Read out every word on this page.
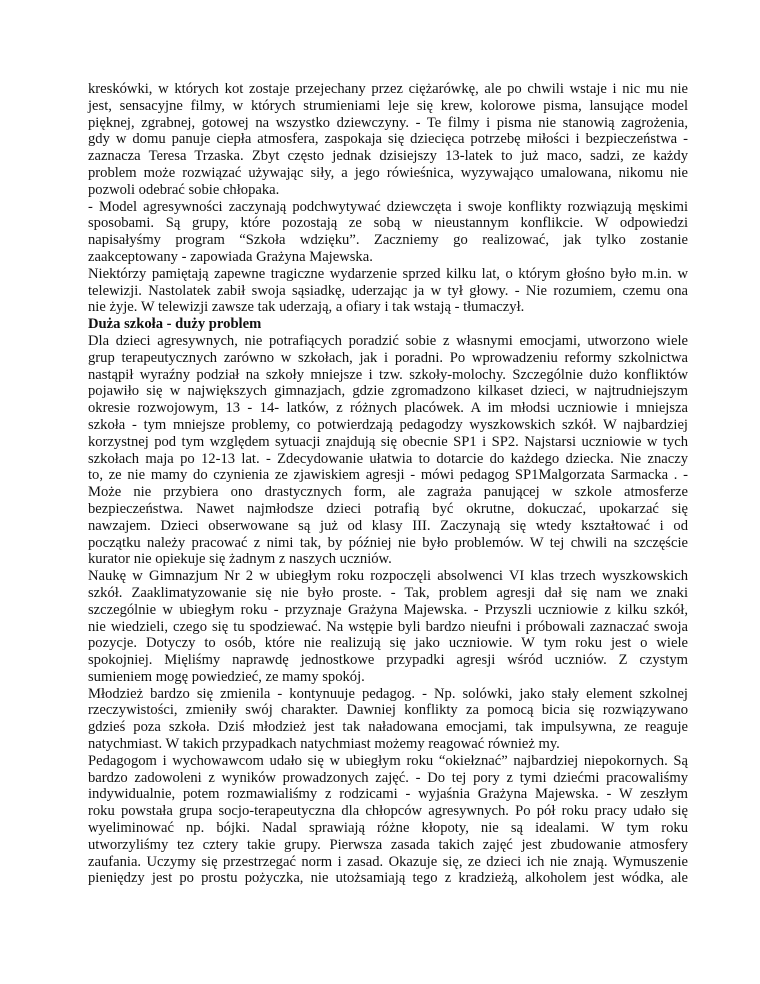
kreskówki, w których kot zostaje przejechany przez ciężarówkę, ale po chwili wstaje i nic mu nie
jest, sensacyjne filmy, w których strumieniami leje się krew, kolorowe pisma, lansujące model
pięknej, zgrabnej, gotowej na wszystko dziewczyny. - Te filmy i pisma nie stanowią zagrożenia,
gdy w domu panuje ciepła atmosfera, zaspokaja się dziecięca potrzebę miłości i bezpieczeństwa -
zaznacza Teresa Trzaska. Zbyt często jednak dzisiejszy 13-latek to już maco, sadzi, ze każdy
problem może rozwiązać używając siły, a jego rówieśnica, wyzywająco umalowana, nikomu nie
pozwoli odebrać sobie chłopaka.
- Model agresywności zaczynają podchwytywać dziewczęta i swoje konflikty rozwiązują męskimi
sposobami. Są grupy, które pozostają ze sobą w nieustannym konflikcie. W odpowiedzi
napisałyśmy program “Szkoła wdzięku”. Zaczniemy go realizować, jak tylko zostanie
zaakceptowany - zapowiada Grażyna Majewska.
Niektórzy pamiętają zapewne tragiczne wydarzenie sprzed kilku lat, o którym głośno było m.in. w
telewizji. Nastolatek zabił swoja sąsiadkę, uderzając ja w tył głowy. - Nie rozumiem, czemu ona
nie żyje. W telewizji zawsze tak uderzają, a ofiary i tak wstają - tłumaczył.
Duża szkoła - duży problem
Dla dzieci agresywnych, nie potrafiących poradzić sobie z własnymi emocjami, utworzono wiele
grup terapeutycznych zarówno w szkołach, jak i poradni. Po wprowadzeniu reformy szkolnictwa
nastąpił wyraźny podział na szkoły mniejsze i tzw. szkoły-molochy. Szczególnie dużo konfliktów
pojawiło się w największych gimnazjach, gdzie zgromadzono kilkaset dzieci, w najtrudniejszym
okresie rozwojowym, 13 - 14- latków, z różnych placówek. A im młodsi uczniowie i mniejsza
szkoła - tym mniejsze problemy, co potwierdzają pedagodzy wyszkowskich szkół. W najbardziej
korzystnej pod tym względem sytuacji znajdują się obecnie SP1 i SP2. Najstarsi uczniowie w tych
szkołach maja po 12-13 lat. - Zdecydowanie ułatwia to dotarcie do każdego dziecka. Nie znaczy
to, ze nie mamy do czynienia ze zjawiskiem agresji - mówi pedagog SP1Malgorzata Sarmacka . -
Może nie przybiera ono drastycznych form, ale zagraża panującej w szkole atmosferze
bezpieczeństwa. Nawet najmłodsze dzieci potrafią być okrutne, dokuczać, upokarzać się
nawzajem. Dzieci obserwowane są już od klasy III. Zaczynają się wtedy kształtować i od
początku należy pracować z nimi tak, by później nie było problemów. W tej chwili na szczęście
kurator nie opiekuje się żadnym z naszych uczniów.
Naukę w Gimnazjum Nr 2 w ubiegłym roku rozpoczęli absolwenci VI klas trzech wyszkowskich
szkół. Zaaklimatyzowanie się nie było proste. - Tak, problem agresji dał się nam we znaki
szczególnie w ubiegłym roku - przyznaje Grażyna Majewska. - Przyszli uczniowie z kilku szkół,
nie wiedzieli, czego się tu spodziewać. Na wstępie byli bardzo nieufni i próbowali zaznaczać swoja
pozycje. Dotyczy to osób, które nie realizują się jako uczniowie. W tym roku jest o wiele
spokojniej. Mięliśmy naprawdę jednostkowe przypadki agresji wśród uczniów. Z czystym
sumieniem mogę powiedzieć, ze mamy spokój.
Młodzież bardzo się zmienila - kontynuuje pedagog. - Np. solówki, jako stały element szkolnej
rzeczywistości, zmieniły swój charakter. Dawniej konflikty za pomocą bicia się rozwiązywano
gdzieś poza szkoła. Dziś młodzież jest tak naładowana emocjami, tak impulsywna, ze reaguje
natychmiast. W takich przypadkach natychmiast możemy reagować również my.
Pedagogom i wychowawcom udało się w ubiegłym roku “okiełznać” najbardziej niepokornych. Są
bardzo zadowoleni z wyników prowadzonych zajęć. - Do tej pory z tymi dziećmi pracowaliśmy
indywidualnie, potem rozmawialiśmy z rodzicami - wyjaśnia Grażyna Majewska. - W zeszłym
roku powstała grupa socjo-terapeutyczna dla chłopców agresywnych. Po pół roku pracy udało się
wyeliminować np. bójki. Nadal sprawiają różne kłopoty, nie są idealami. W tym roku
utworzyliśmy tez cztery takie grupy. Pierwsza zasada takich zajęć jest zbudowanie atmosfery
zaufania. Uczymy się przestrzegać norm i zasad. Okazuje się, ze dzieci ich nie znają. Wymuszenie
pieniędzy jest po prostu pożyczka, nie utożsamiają tego z kradzieżą, alkoholem jest wódka, ale
